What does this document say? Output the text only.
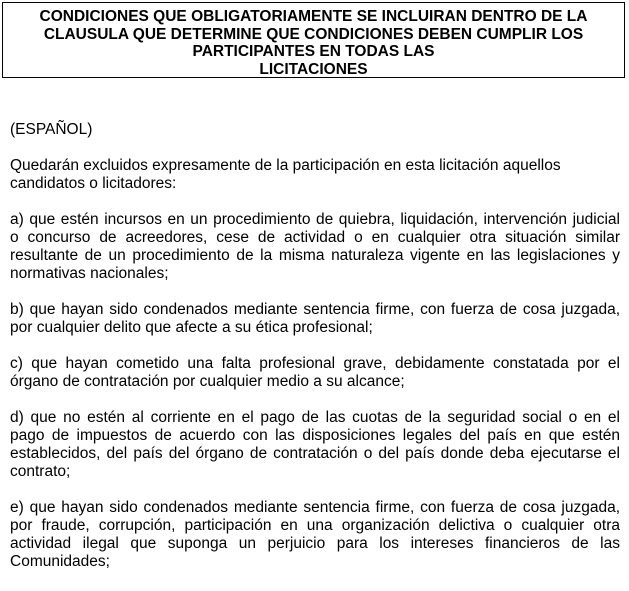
CONDICIONES QUE OBLIGATORIAMENTE SE INCLUIRAN DENTRO DE LA
CLAUSULA QUE DETERMINE QUE CONDICIONES DEBEN CUMPLIR LOS
PARTICIPANTES EN TODAS LAS
LICITACIONES

(ESPAÑOL)

Quedarán excluidos expresamente de la participación en esta licitación aquellos
candidatos o licitadores:

a) que estén incursos en un procedimiento de quiebra, liquidación, intervención judicial
o concurso de acreedores, cese de actividad o en cualquier otra situación similar
resultante de un procedimiento de la misma naturaleza vigente en las legislaciones y
normativas nacionales;

b) que hayan sido condenados mediante sentencia firme, con fuerza de cosa juzgada,
por cualquier delito que afecte a su ética profesional;

c) que hayan cometido una falta profesional grave, debidamente constatada por el
órgano de contratación por cualquier medio a su alcance;

d) que no estén al corriente en el pago de las cuotas de la seguridad social o en el
pago de impuestos de acuerdo con las disposiciones legales del país en que estén
establecidos, del país del órgano de contratación o del país donde deba ejecutarse el
contrato;

e) que hayan sido condenados mediante sentencia firme, con fuerza de cosa juzgada,
por fraude, corrupción, participación en una organización delictiva o cualquier otra
actividad ilegal que suponga un perjuicio para los intereses financieros de las
Comunidades;
